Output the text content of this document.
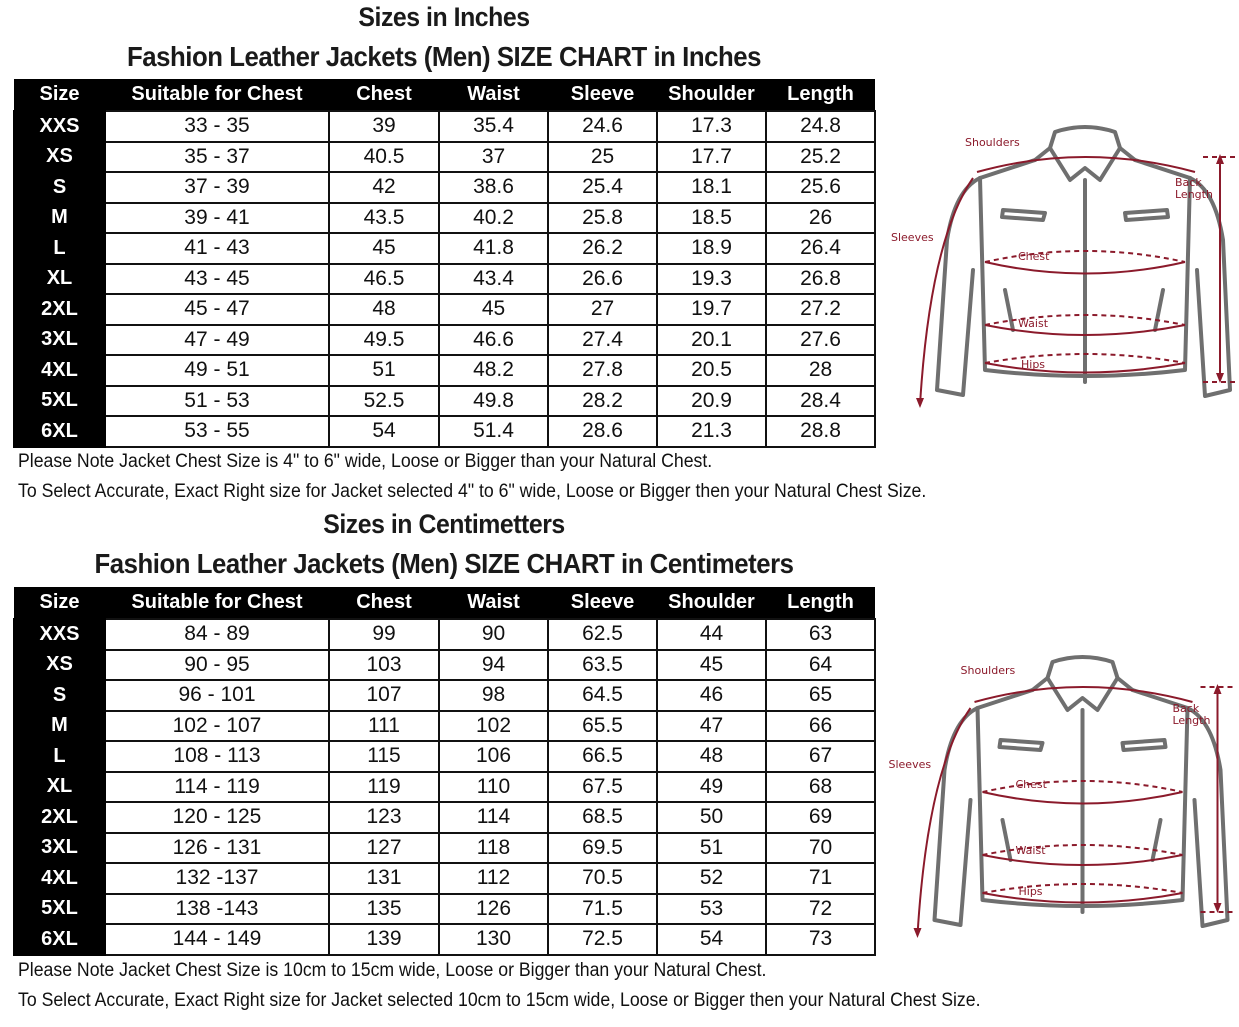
Sizes in Inches
Fashion Leather Jackets (Men) SIZE CHART in Inches
Size	Suitable for Chest	Chest	Waist	Sleeve	Shoulder	Length
XXS	33 - 35	39	35.4	24.6	17.3	24.8
XS	35 - 37	40.5	37	25	17.7	25.2
S	37 - 39	42	38.6	25.4	18.1	25.6
M	39 - 41	43.5	40.2	25.8	18.5	26
L	41 - 43	45	41.8	26.2	18.9	26.4
XL	43 - 45	46.5	43.4	26.6	19.3	26.8
2XL	45 - 47	48	45	27	19.7	27.2
3XL	47 - 49	49.5	46.6	27.4	20.1	27.6
4XL	49 - 51	51	48.2	27.8	20.5	28
5XL	51 - 53	52.5	49.8	28.2	20.9	28.4
6XL	53 - 55	54	51.4	28.6	21.3	28.8
Please Note Jacket Chest Size is 4" to 6" wide, Loose or Bigger than your Natural Chest.
To Select Accurate, Exact Right size for Jacket selected 4" to 6" wide, Loose or Bigger then your Natural Chest Size.
Sizes in Centimetters
Fashion Leather Jackets (Men) SIZE CHART in Centimeters
Size	Suitable for Chest	Chest	Waist	Sleeve	Shoulder	Length
XXS	84 - 89	99	90	62.5	44	63
XS	90 - 95	103	94	63.5	45	64
S	96 - 101	107	98	64.5	46	65
M	102 - 107	111	102	65.5	47	66
L	108 - 113	115	106	66.5	48	67
XL	114 - 119	119	110	67.5	49	68
2XL	120 - 125	123	114	68.5	50	69
3XL	126 - 131	127	118	69.5	51	70
4XL	132 -137	131	112	70.5	52	71
5XL	138 -143	135	126	71.5	53	72
6XL	144 - 149	139	130	72.5	54	73
Please Note Jacket Chest Size is 10cm to 15cm wide, Loose or Bigger than your Natural Chest.
To Select Accurate, Exact Right size for Jacket selected 10cm to 15cm wide, Loose or Bigger then your Natural Chest Size.
Shoulders
Back
Length
Sleeves
Chest
Waist
Hips
Shoulders
Back
Length
Sleeves
Chest
Waist
Hips
